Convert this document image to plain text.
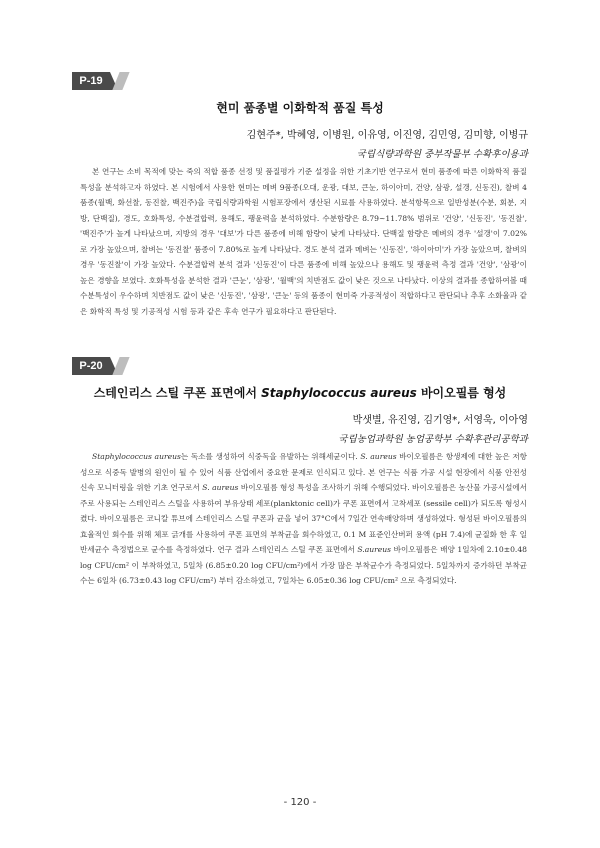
P-19
현미 품종별 이화학적 품질 특성
김현주*, 박혜영, 이병원, 이유영, 이진영, 김민영, 김미향, 이병규
국립식량과학원 중부작물부 수확후이용과

본 연구는 소비 목적에 맞는 죽의 적합 품종 선정 및 품질평가 기준 설정을 위한 기초기반 연구로서 현미 품종에 따른 이화학적 품질 특성을 분석하고자 하였다. 본 시험에서 사용한 현미는 메벼 9품종(오대, 운광, 대보, 큰눈, 하이아미, 건양, 삼광, 설갱, 신동진), 찰벼 4품종(월백, 화선찰, 동진찰, 백진주)을 국립식량과학원 시험포장에서 생산된 시료를 사용하였다. 분석항목으로 일반성분(수분, 회분, 지방, 단백질), 경도, 호화특성, 수분결합력, 용해도, 팽윤력을 분석하였다. 수분함량은 8.79~11.78% 범위로 '건양', '신동진', '동진찰', '백진주'가 높게 나타났으며, 지방의 경우 '대보'가 다른 품종에 비해 함량이 낮게 나타났다. 단백질 함량은 메벼의 경우 '설갱'이 7.02%로 가장 높았으며, 찰벼는 '동진찰' 품종이 7.80%로 높게 나타났다. 경도 분석 결과 메벼는 '신동진', '하이아미'가 가장 높았으며, 찰벼의 경우 '동진찰'이 가장 높았다. 수분결합력 분석 결과 '신동진'이 다른 품종에 비해 높았으나 용해도 및 팽윤력 측정 결과 '건양', '삼광'이 높은 경향을 보였다. 호화특성을 분석한 결과 '큰눈', '삼광', '월백'의 치반점도 값이 낮은 것으로 나타났다. 이상의 결과를 종합하여볼 때 수분특성이 우수하며 치반점도 값이 낮은 '신동진', '삼광', '큰눈' 등의 품종이 현미죽 가공적성이 적합하다고 판단되나 추후 소화율과 같은 화학적 특성 및 기공적성 시험 등과 같은 후속 연구가 필요하다고 판단된다.

P-20
스테인리스 스틸 쿠폰 표면에서 Staphylococcus aureus 바이오필름 형성
박샛별, 유진영, 김기영*, 서영욱, 이아영
국립농업과학원 농업공학부 수확후관리공학과

Staphylococcus aureus는 독소를 생성하여 식중독을 유발하는 위해세균이다. S. aureus 바이오필름은 항생제에 대한 높은 저항성으로 식중독 발병의 원인이 될 수 있어 식품 산업에서 중요한 문제로 인식되고 있다. 본 연구는 식품 가공 시설 현장에서 식품 안전성 신속 모니터링을 위한 기초 연구로서 S. aureus 바이오필름 형성 특성을 조사하기 위해 수행되었다. 바이오필름은 농산물 가공시설에서 주로 사용되는 스테인리스 스틸을 사용하여 부유상태 세포(planktonic cell)가 쿠폰 표면에서 고착세포 (sessile cell)가 되도록 형성시켰다. 바이오필름은 코니칼 튜브에 스테인리스 스틸 쿠폰과 균을 넣어 37°C에서 7일간 연속배양하며 생성하였다. 형성된 바이오필름의 효율적인 회수를 위해 체포 긁개를 사용하여 쿠폰 표면의 부착균을 회수하였고, 0.1 M 표준인산버퍼 용액 (pH 7.4)에 균질화 한 후 일반세균수 측정법으로 균수를 측정하였다. 연구 결과 스테인리스 스틸 쿠폰 표면에서 S.aureus 바이오필름은 배양 1일차에 2.10±0.48 log CFU/cm² 이 부착하였고, 5일차 (6.85±0.20 log CFU/cm²)에서 가장 많은 부착균수가 측정되었다. 5일차까지 증가하던 부착균수는 6일차 (6.73±0.43 log CFU/cm²) 부터 감소하였고, 7일차는 6.05±0.36 log CFU/cm² 으로 측정되었다.

- 120 -
